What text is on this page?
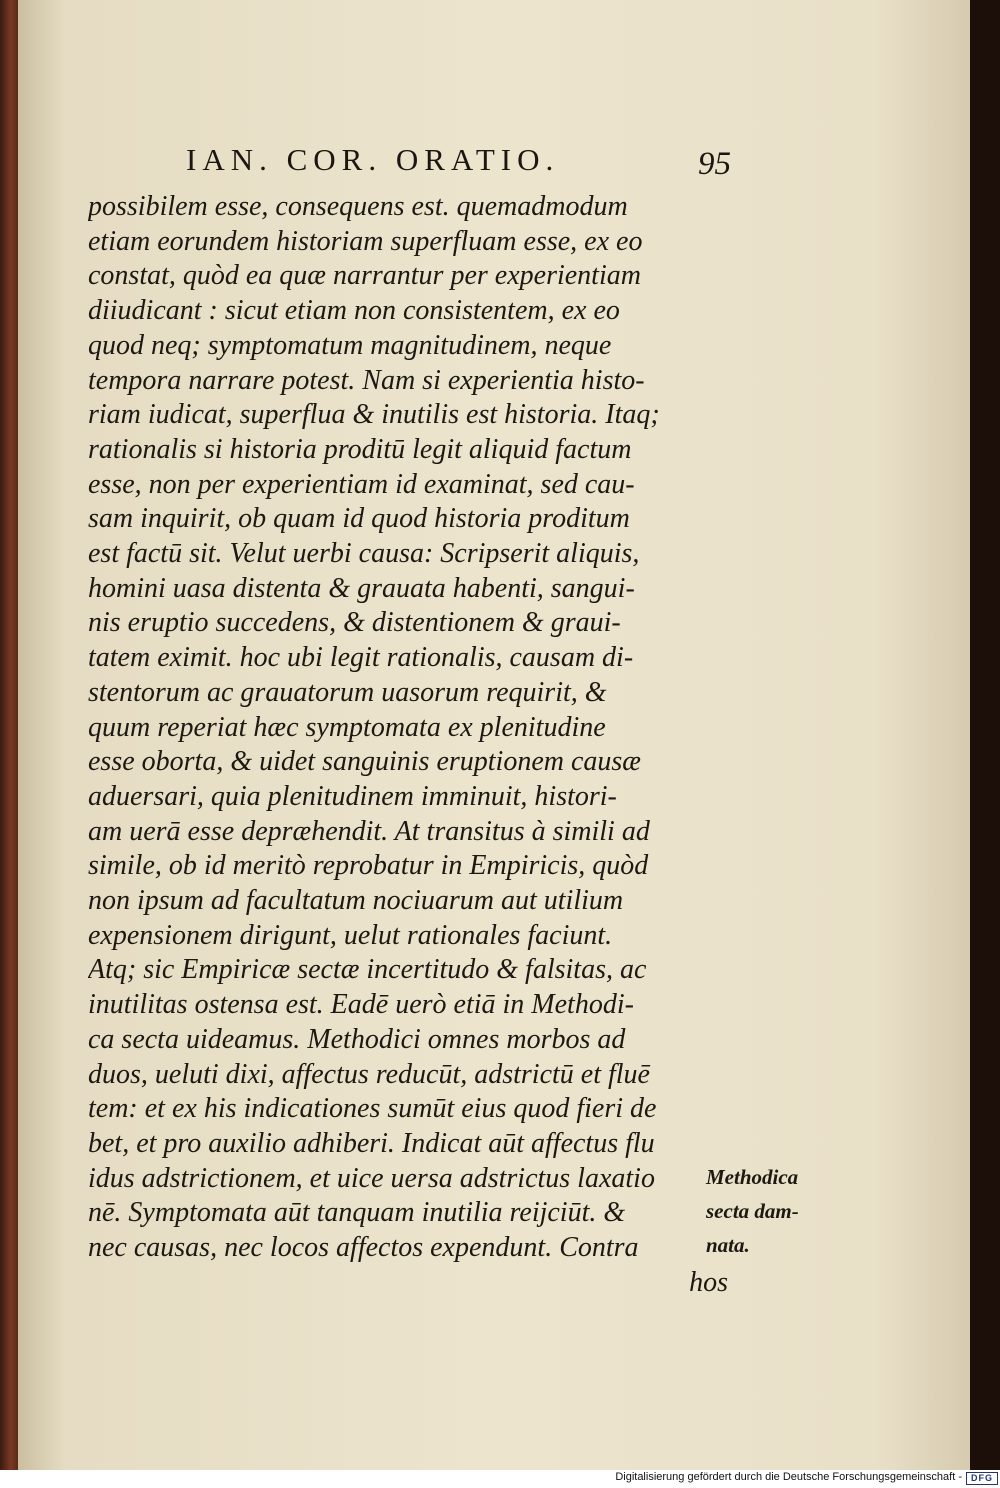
IAN. COR. ORATIO.	95
possibilem esse, consequens est. quemadmodum
etiam eorundem historiam superfluam esse, ex eo
constat, quòd ea quæ narrantur per experientiam
diiudicant : sicut etiam non consistentem, ex eo
quod neq; symptomatum magnitudinem, neque
tempora narrare potest. Nam si experientia histo-
riam iudicat, superflua & inutilis est historia. Itaq;
rationalis si historia proditū legit aliquid factum
esse, non per experientiam id examinat, sed cau-
sam inquirit, ob quam id quod historia proditum
est factū sit. Velut uerbi causa: Scripserit aliquis,
homini uasa distenta & grauata habenti, sangui-
nis eruptio succedens, & distentionem & graui-
tatem eximit. hoc ubi legit rationalis, causam di-
stentorum ac grauatorum uasorum requirit, &
quum reperiat hæc symptomata ex plenitudine
esse oborta, & uidet sanguinis eruptionem causæ
aduersari, quia plenitudinem imminuit, histori-
am uerā esse depræhendit. At transitus à simili ad
simile, ob id meritò reprobatur in Empiricis, quòd
non ipsum ad facultatum nociuarum aut utilium
expensionem dirigunt, uelut rationales faciunt.
Atq; sic Empiricæ sectæ incertitudo & falsitas, ac
inutilitas ostensa est. Eadē uerò etiā in Methodi-
ca secta uideamus. Methodici omnes morbos ad
duos, ueluti dixi, affectus reducūt, adstrictū et fluē
tem: et ex his indicationes sumūt eius quod fieri de
bet, et pro auxilio adhiberi. Indicat aūt affectus flu
idus adstrictionem, et uice uersa adstrictus laxatio
nē. Symptomata aūt tanquam inutilia reijciūt. &
nec causas, nec locos affectos expendunt. Contra
hos
Methodica
secta dam-
nata.
Digitalisierung gefördert durch die Deutsche Forschungsgemeinschaft -	DFG
